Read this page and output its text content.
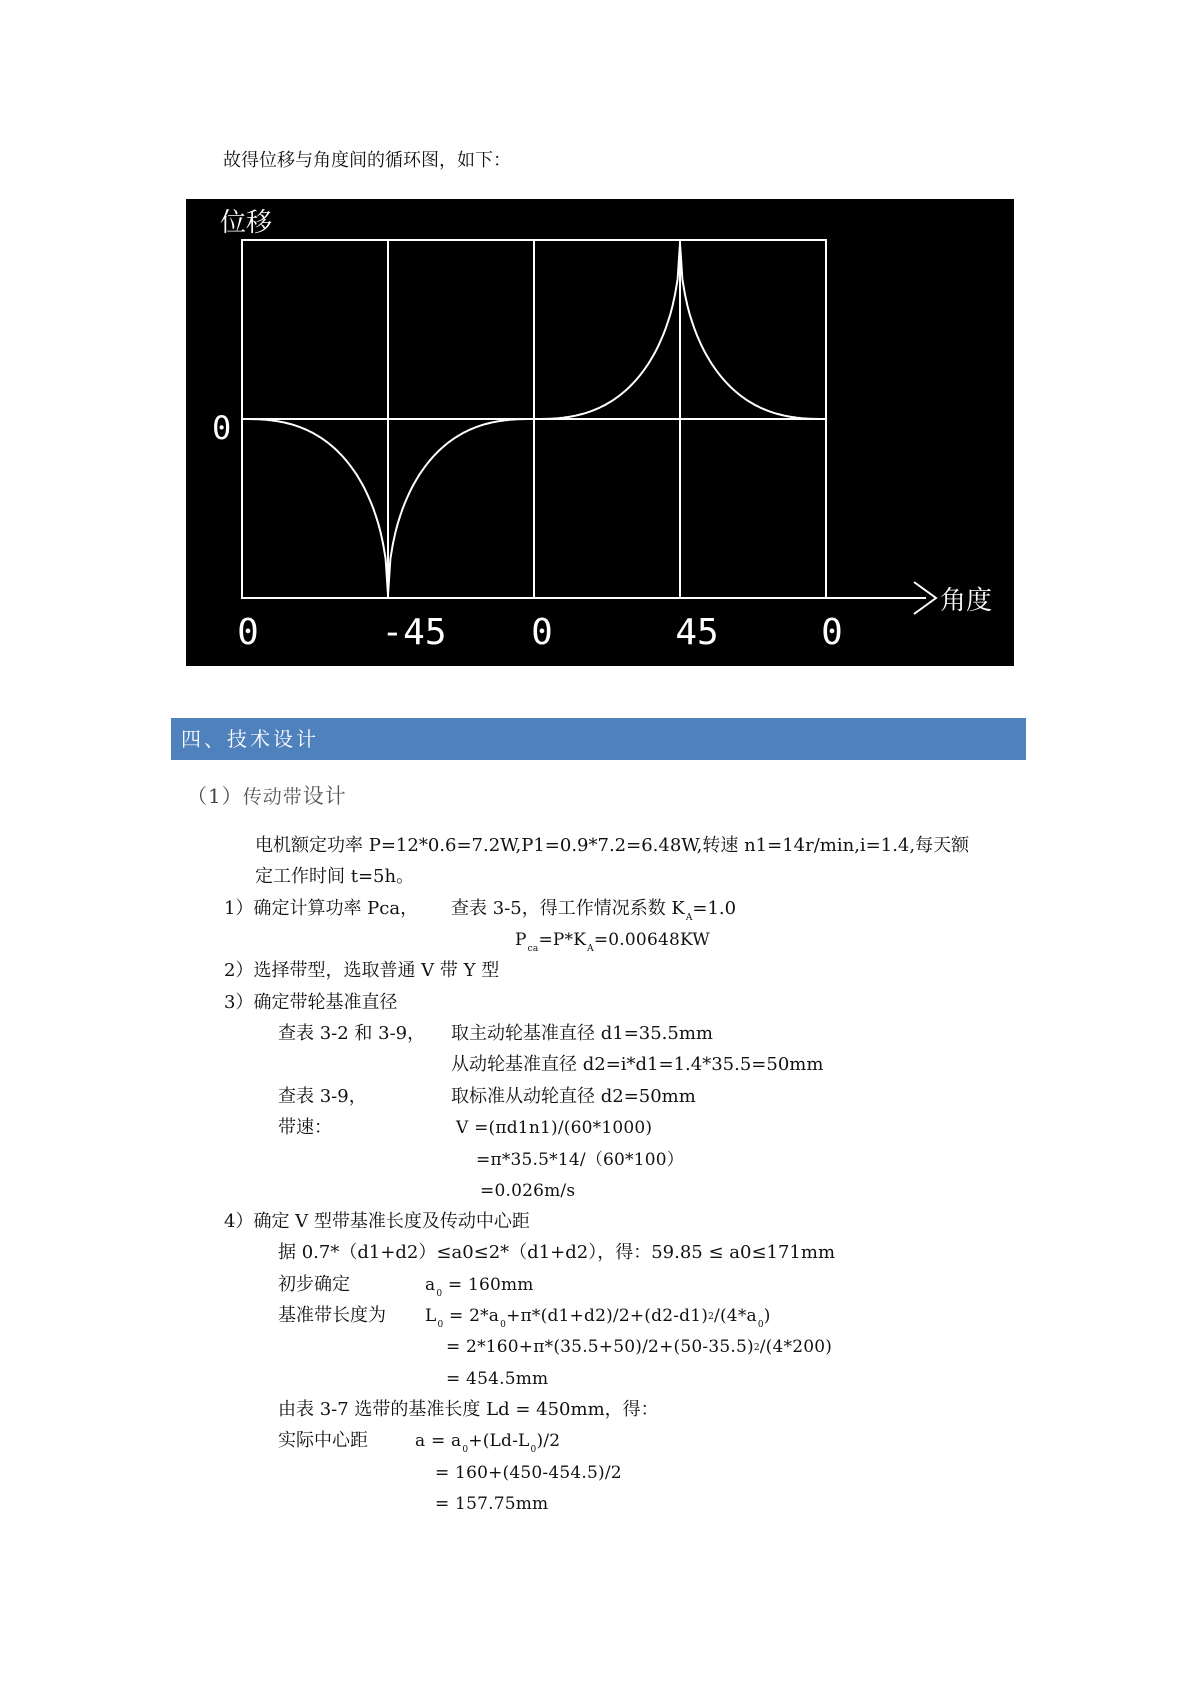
故得位移与角度间的循环图，如下：
位移
角度
0
0	-45 0	45	0
四、技术设计
（1）传动带设计
电机额定功率 P=12*0.6=7.2W,P1=0.9*7.2=6.48W,转速 n1=14r/min,i=1.4,每天额
定工作时间 t=5h。
1）确定计算功率 Pca， 查表 3-5，得工作情况系数 $K_A=1.0$
$P_{ca}=P*K_A=0.00648KW$
2）选择带型，选取普通 V 带 Y 型
3）确定带轮基准直径
查表 3-2 和 3-9， 取主动轮基准直径 d1=35.5mm
从动轮基准直径 d2=i*d1=1.4*35.5=50mm
查表 3-9，	取标准从动轮直径 d2=50mm
带速：	V =(πd1n1)/(60*1000)
=π*35.5*14/（60*100）
=0.026m/s
4）确定 V 型带基准长度及传动中心距
据 0.7*（d1+d2）≤a0≤2*（d1+d2），得：59.85 ≤ a0≤171mm
初步确定	$a_0 = 160mm$
基准带长度为 $L_0 = 2*a_0+\pi*(d1+d2)/2+(d2-d1)^2/(4*a_0)$
= $2*160+\pi*(35.5+50)/2+(50-35.5)^2/(4*200)$
= 454.5mm
由表 3-7 选带的基准长度 Ld = 450mm，得：
实际中心距	$a = a_0+(Ld-L_0)/2$
= 160+(450-454.5)/2
= 157.75mm
